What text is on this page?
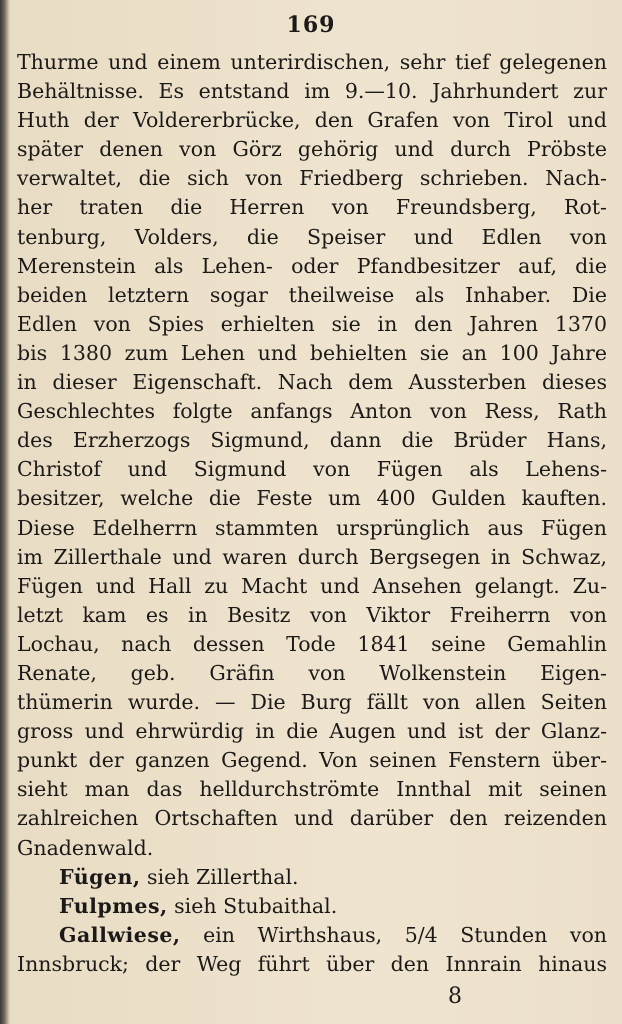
169
Thurme und einem unterirdischen, sehr tief gelegenen
Behältnisse. Es entstand im 9.—10. Jahrhundert zur
Huth der Voldererbrücke, den Grafen von Tirol und
später denen von Görz gehörig und durch Pröbste
verwaltet, die sich von Friedberg schrieben. Nach-
her traten die Herren von Freundsberg, Rot-
tenburg, Volders, die Speiser und Edlen von
Merenstein als Lehen- oder Pfandbesitzer auf, die
beiden letztern sogar theilweise als Inhaber. Die
Edlen von Spies erhielten sie in den Jahren 1370
bis 1380 zum Lehen und behielten sie an 100 Jahre
in dieser Eigenschaft. Nach dem Aussterben dieses
Geschlechtes folgte anfangs Anton von Ress, Rath
des Erzherzogs Sigmund, dann die Brüder Hans,
Christof und Sigmund von Fügen als Lehens-
besitzer, welche die Feste um 400 Gulden kauften.
Diese Edelherrn stammten ursprünglich aus Fügen
im Zillerthale und waren durch Bergsegen in Schwaz,
Fügen und Hall zu Macht und Ansehen gelangt. Zu-
letzt kam es in Besitz von Viktor Freiherrn von
Lochau, nach dessen Tode 1841 seine Gemahlin
Renate, geb. Gräfin von Wolkenstein Eigen-
thümerin wurde. — Die Burg fällt von allen Seiten
gross und ehrwürdig in die Augen und ist der Glanz-
punkt der ganzen Gegend. Von seinen Fenstern über-
sieht man das helldurchströmte Innthal mit seinen
zahlreichen Ortschaften und darüber den reizenden
Gnadenwald.
Fügen, sieh Zillerthal.
Fulpmes, sieh Stubaithal.
Gallwiese, ein Wirthshaus, 5/4 Stunden von
Innsbruck; der Weg führt über den Innrain hinaus
8
